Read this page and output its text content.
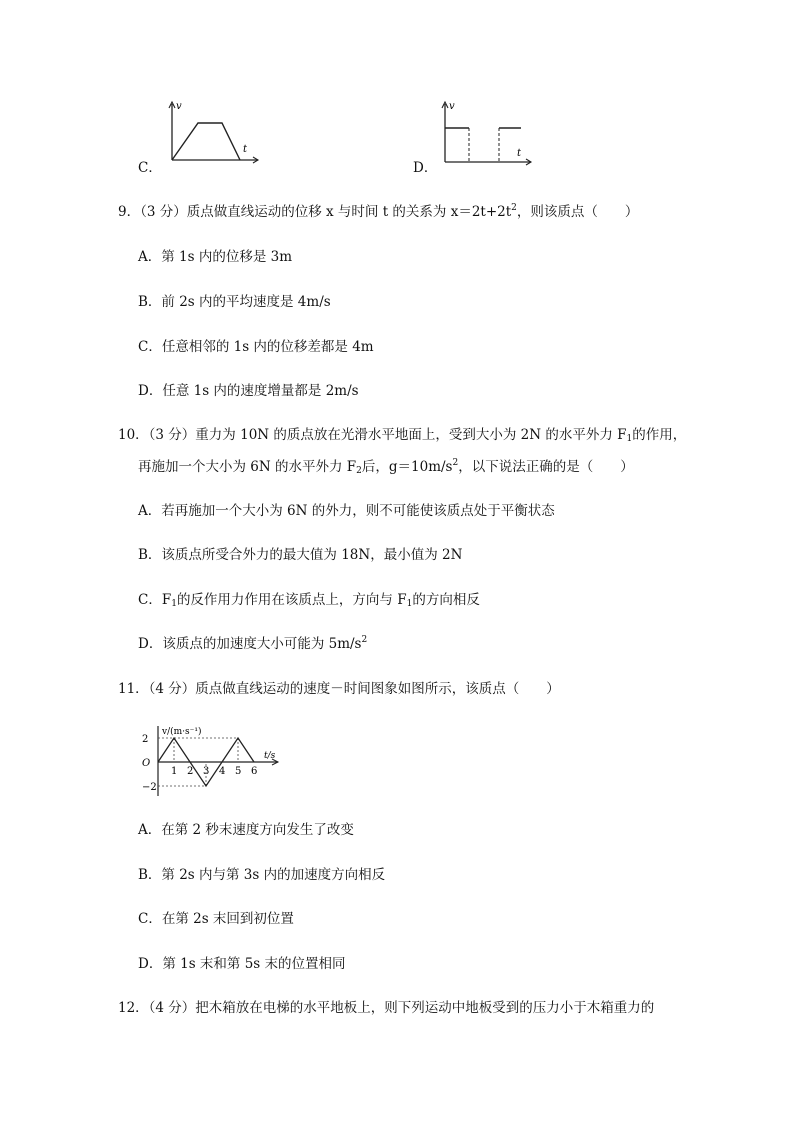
C．
v
t
D．
v
t
9．（3 分）质点做直线运动的位移 x 与时间 t 的关系为 $x=2t+2t^2$，则该质点（　　）
A．第 1s 内的位移是 3m
B．前 2s 内的平均速度是 4m/s
C．任意相邻的 1s 内的位移差都是 4m
D．任意 1s 内的速度增量都是 2m/s
10．（3 分）重力为 10N 的质点放在光滑水平地面上，受到大小为 2N 的水平外力 $F_1$的作用，
再施加一个大小为 6N 的水平外力 $F_2$后，$g=10m/s^2$，以下说法正确的是（　　）
A．若再施加一个大小为 6N 的外力，则不可能使该质点处于平衡状态
B．该质点所受合外力的最大值为 18N，最小值为 2N
C．$F_1$的反作用力作用在该质点上，方向与 $F_1$的方向相反
D．该质点的加速度大小可能为 $5m/s^2$
11．（4 分）质点做直线运动的速度－时间图象如图所示，该质点（　　）
v/(m·s⁻¹)
t/s
O
2
−2
1 2 3 4 5 6
A．在第 2 秒末速度方向发生了改变
B．第 2s 内与第 3s 内的加速度方向相反
C．在第 2s 末回到初位置
D．第 1s 末和第 5s 末的位置相同
12．（4 分）把木箱放在电梯的水平地板上，则下列运动中地板受到的压力小于木箱重力的
